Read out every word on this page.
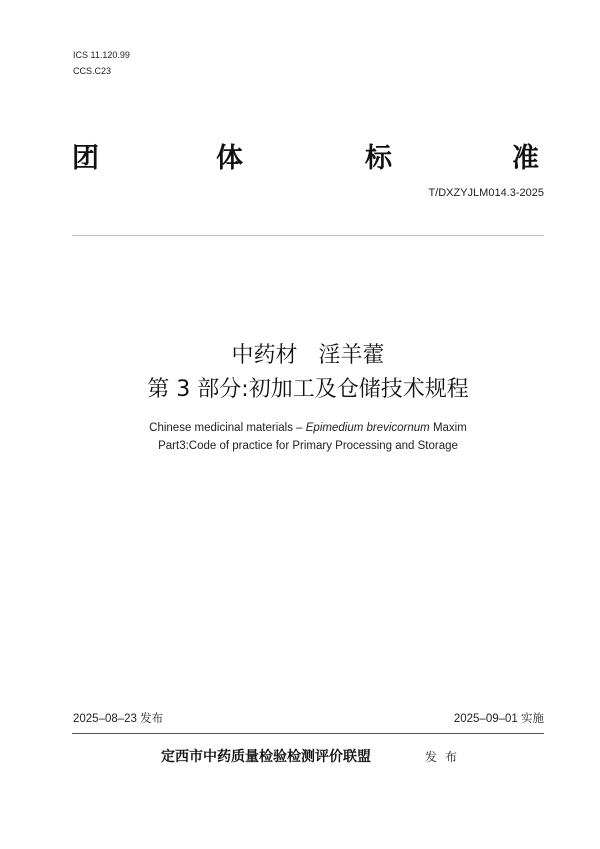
ICS 11.120.99
CCS.C23
团	体	标	准
T/DXZYJLM014.3-2025
中药材   淫羊藿
第 3 部分:初加工及仓储技术规程
Chinese medicinal materials – Epimedium brevicornum Maxim
Part3:Code of practice for Primary Processing and Storage
2025–08–23 发布	2025–09–01 实施
定西市中药质量检验检测评价联盟	发布
